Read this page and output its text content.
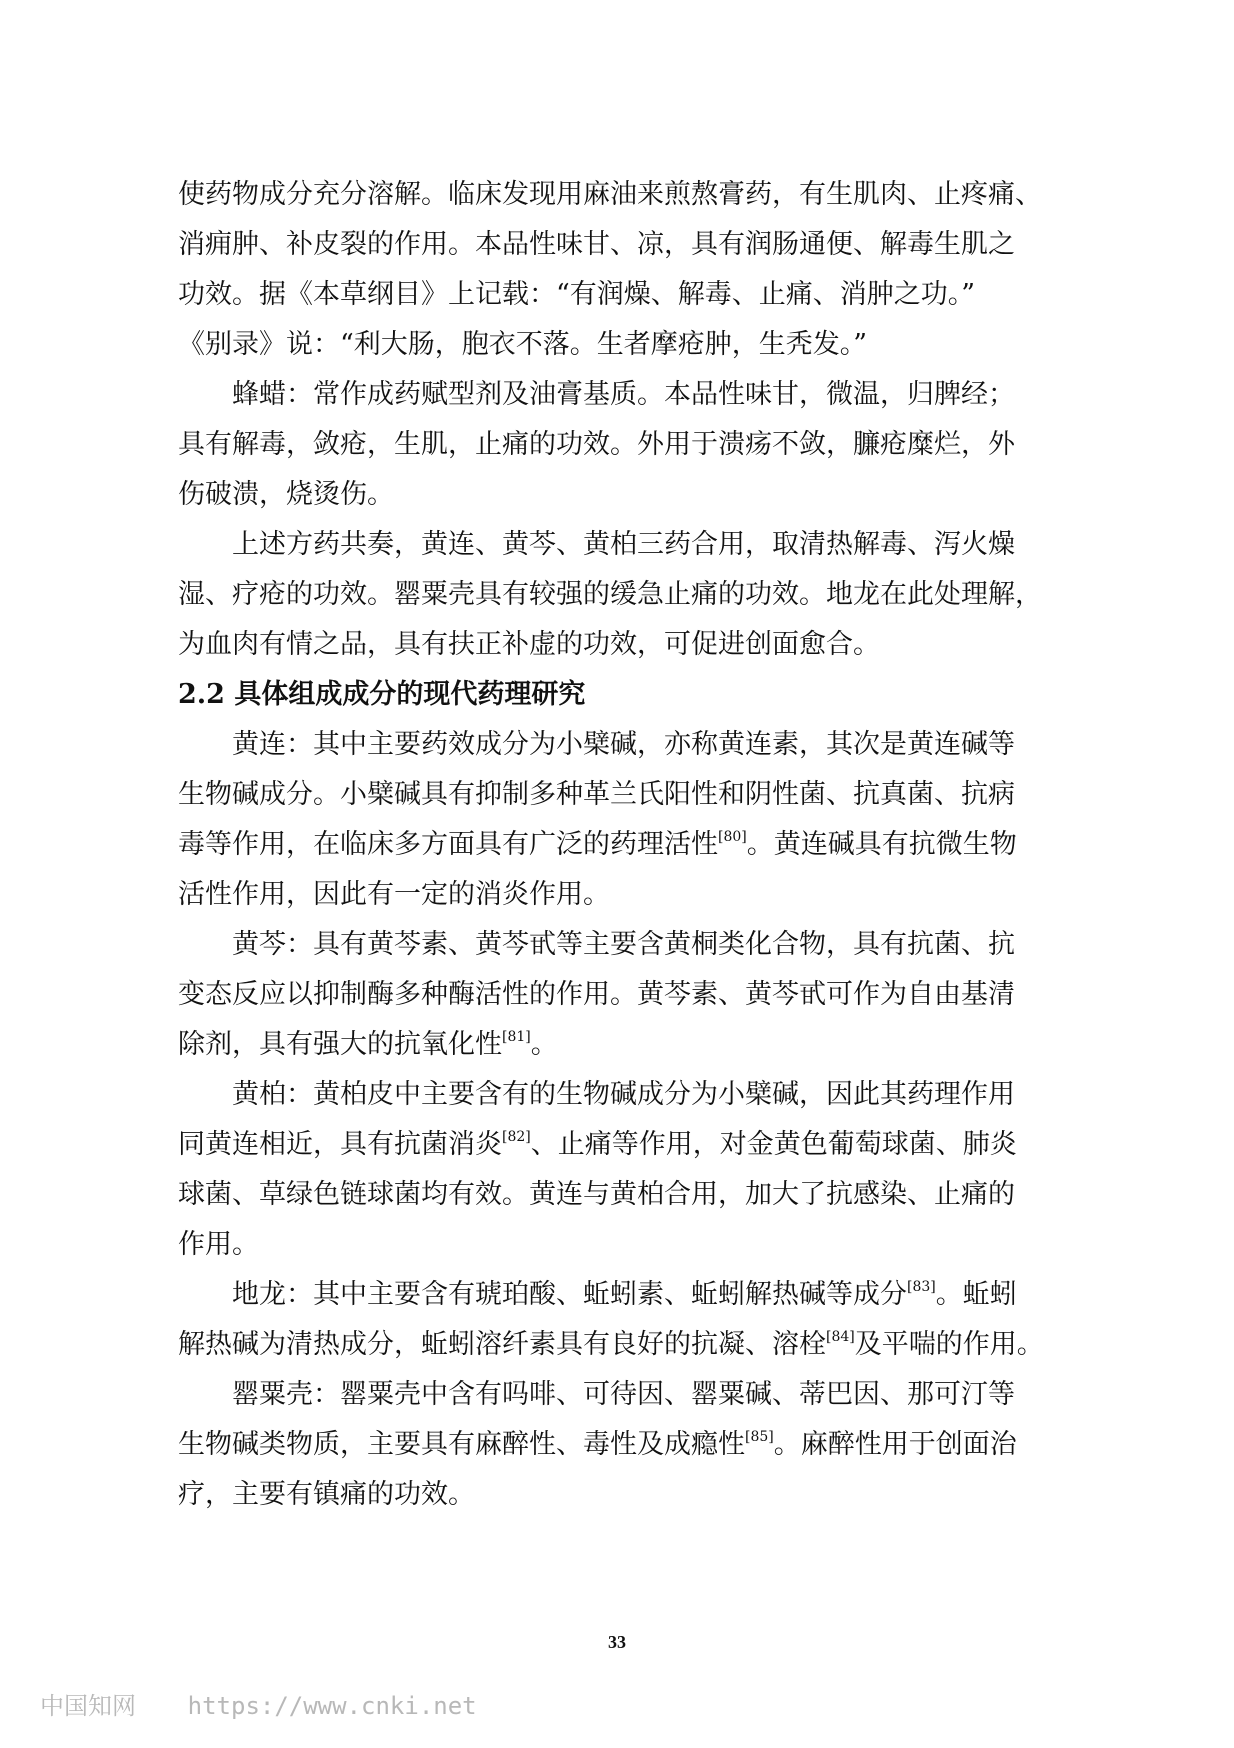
使药物成分充分溶解。临床发现用麻油来煎熬膏药，有生肌肉、止疼痛、
消痈肿、补皮裂的作用。本品性味甘、凉，具有润肠通便、解毒生肌之
功效。据《本草纲目》上记载：“有润燥、解毒、止痛、消肿之功。”
《别录》说：“利大肠，胞衣不落。生者摩疮肿，生秃发。”
蜂蜡：常作成药赋型剂及油膏基质。本品性味甘，微温，归脾经；
具有解毒，敛疮，生肌，止痛的功效。外用于溃疡不敛，臁疮糜烂，外
伤破溃，烧烫伤。
上述方药共奏，黄连、黄芩、黄柏三药合用，取清热解毒、泻火燥
湿、疗疮的功效。罂粟壳具有较强的缓急止痛的功效。地龙在此处理解，
为血肉有情之品，具有扶正补虚的功效，可促进创面愈合。
2.2 具体组成成分的现代药理研究
黄连：其中主要药效成分为小檗碱，亦称黄连素，其次是黄连碱等
生物碱成分。小檗碱具有抑制多种革兰氏阳性和阴性菌、抗真菌、抗病
毒等作用，在临床多方面具有广泛的药理活性[80]。黄连碱具有抗微生物
活性作用，因此有一定的消炎作用。
黄芩：具有黄芩素、黄芩甙等主要含黄桐类化合物，具有抗菌、抗
变态反应以抑制酶多种酶活性的作用。黄芩素、黄芩甙可作为自由基清
除剂，具有强大的抗氧化性[81]。
黄柏：黄柏皮中主要含有的生物碱成分为小檗碱，因此其药理作用
同黄连相近，具有抗菌消炎[82]、止痛等作用，对金黄色葡萄球菌、肺炎
球菌、草绿色链球菌均有效。黄连与黄柏合用，加大了抗感染、止痛的
作用。
地龙：其中主要含有琥珀酸、蚯蚓素、蚯蚓解热碱等成分[83]。蚯蚓
解热碱为清热成分，蚯蚓溶纤素具有良好的抗凝、溶栓[84]及平喘的作用。
罂粟壳：罂粟壳中含有吗啡、可待因、罂粟碱、蒂巴因、那可汀等
生物碱类物质，主要具有麻醉性、毒性及成瘾性[85]。麻醉性用于创面治
疗，主要有镇痛的功效。
33
中国知网 https://www.cnki.net
